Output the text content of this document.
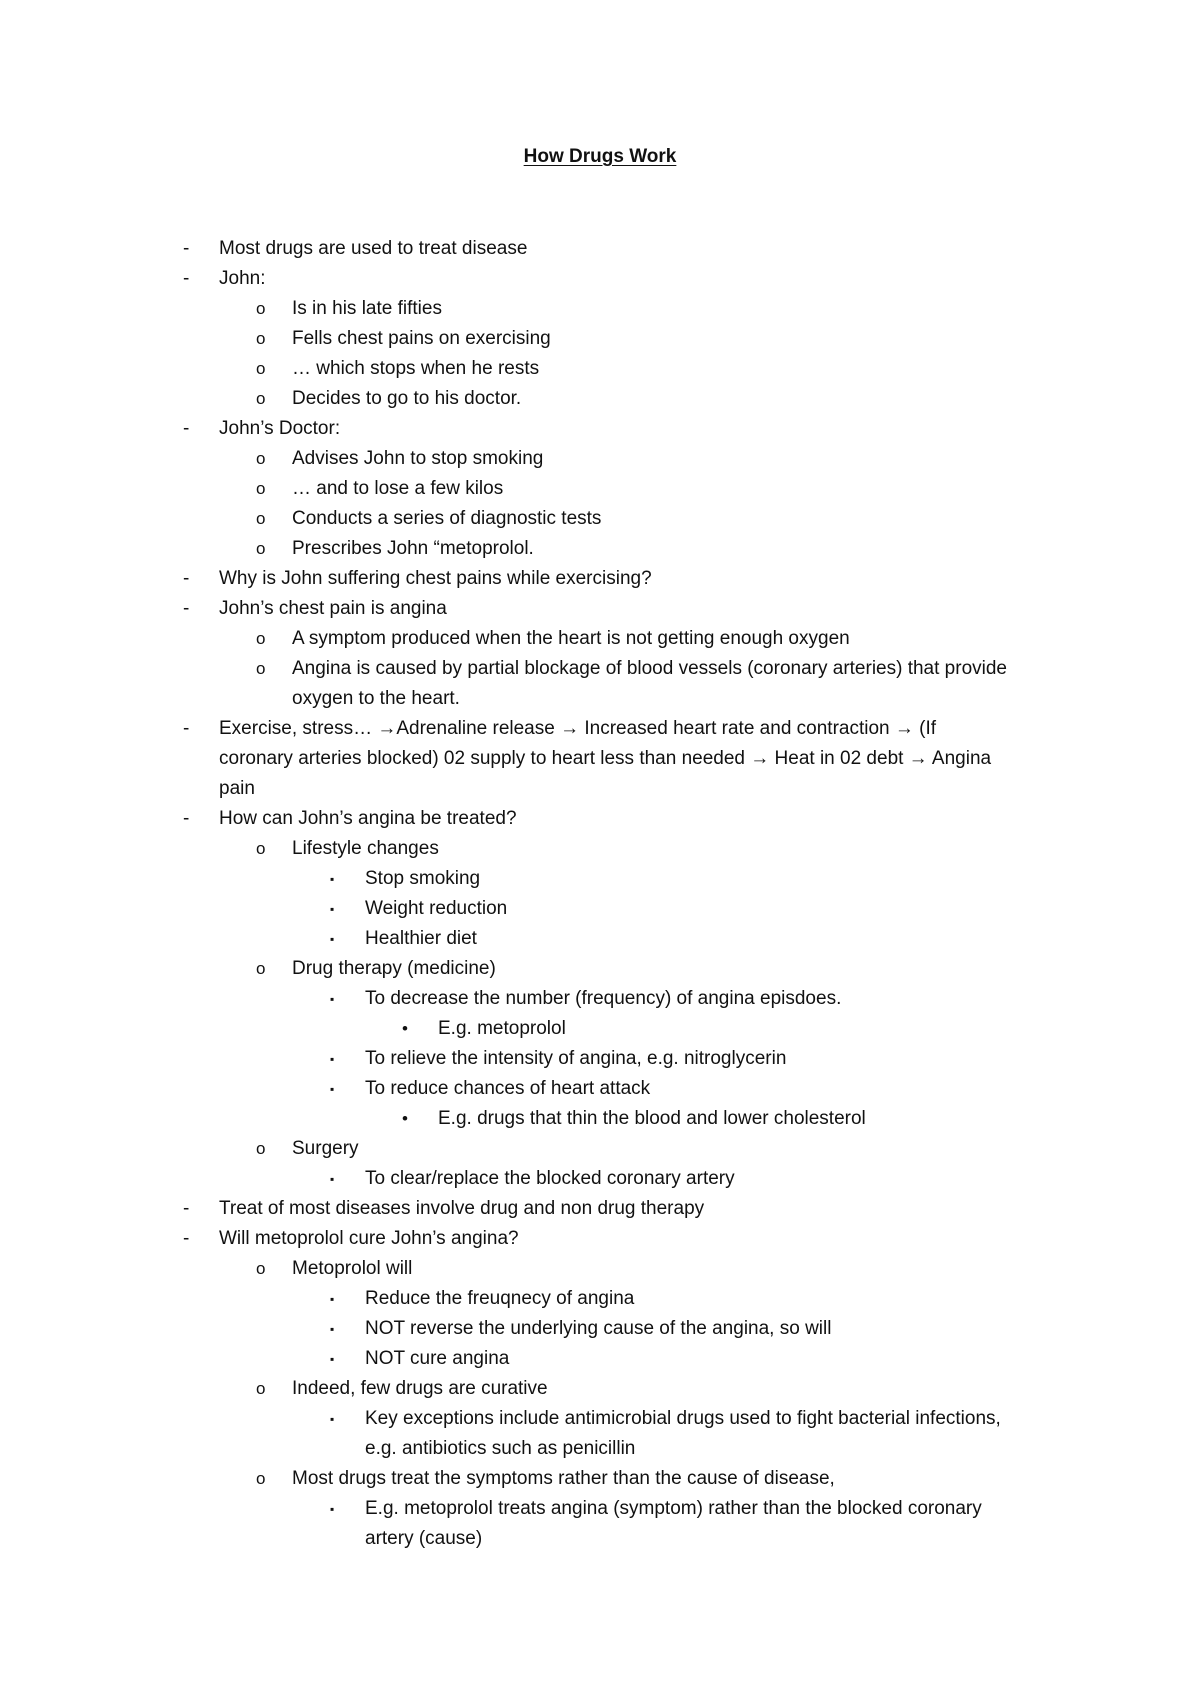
How Drugs Work
- Most drugs are used to treat disease
- John:
o Is in his late fifties
o Fells chest pains on exercising
o … which stops when he rests
o Decides to go to his doctor.
- John’s Doctor:
o Advises John to stop smoking
o … and to lose a few kilos
o Conducts a series of diagnostic tests
o Prescribes John “metoprolol.
- Why is John suffering chest pains while exercising?
- John’s chest pain is angina
o A symptom produced when the heart is not getting enough oxygen
o Angina is caused by partial blockage of blood vessels (coronary arteries) that provide
oxygen to the heart.
- Exercise, stress… →Adrenaline release → Increased heart rate and contraction → (If
coronary arteries blocked) 02 supply to heart less than needed → Heat in 02 debt → Angina
pain
- How can John’s angina be treated?
o Lifestyle changes
▪ Stop smoking
▪ Weight reduction
▪ Healthier diet
o Drug therapy (medicine)
▪ To decrease the number (frequency) of angina episdoes.
• E.g. metoprolol
▪ To relieve the intensity of angina, e.g. nitroglycerin
▪ To reduce chances of heart attack
• E.g. drugs that thin the blood and lower cholesterol
o Surgery
▪ To clear/replace the blocked coronary artery
- Treat of most diseases involve drug and non drug therapy
- Will metoprolol cure John’s angina?
o Metoprolol will
▪ Reduce the freuqnecy of angina
▪ NOT reverse the underlying cause of the angina, so will
▪ NOT cure angina
o Indeed, few drugs are curative
▪ Key exceptions include antimicrobial drugs used to fight bacterial infections,
e.g. antibiotics such as penicillin
o Most drugs treat the symptoms rather than the cause of disease,
▪ E.g. metoprolol treats angina (symptom) rather than the blocked coronary
artery (cause)
